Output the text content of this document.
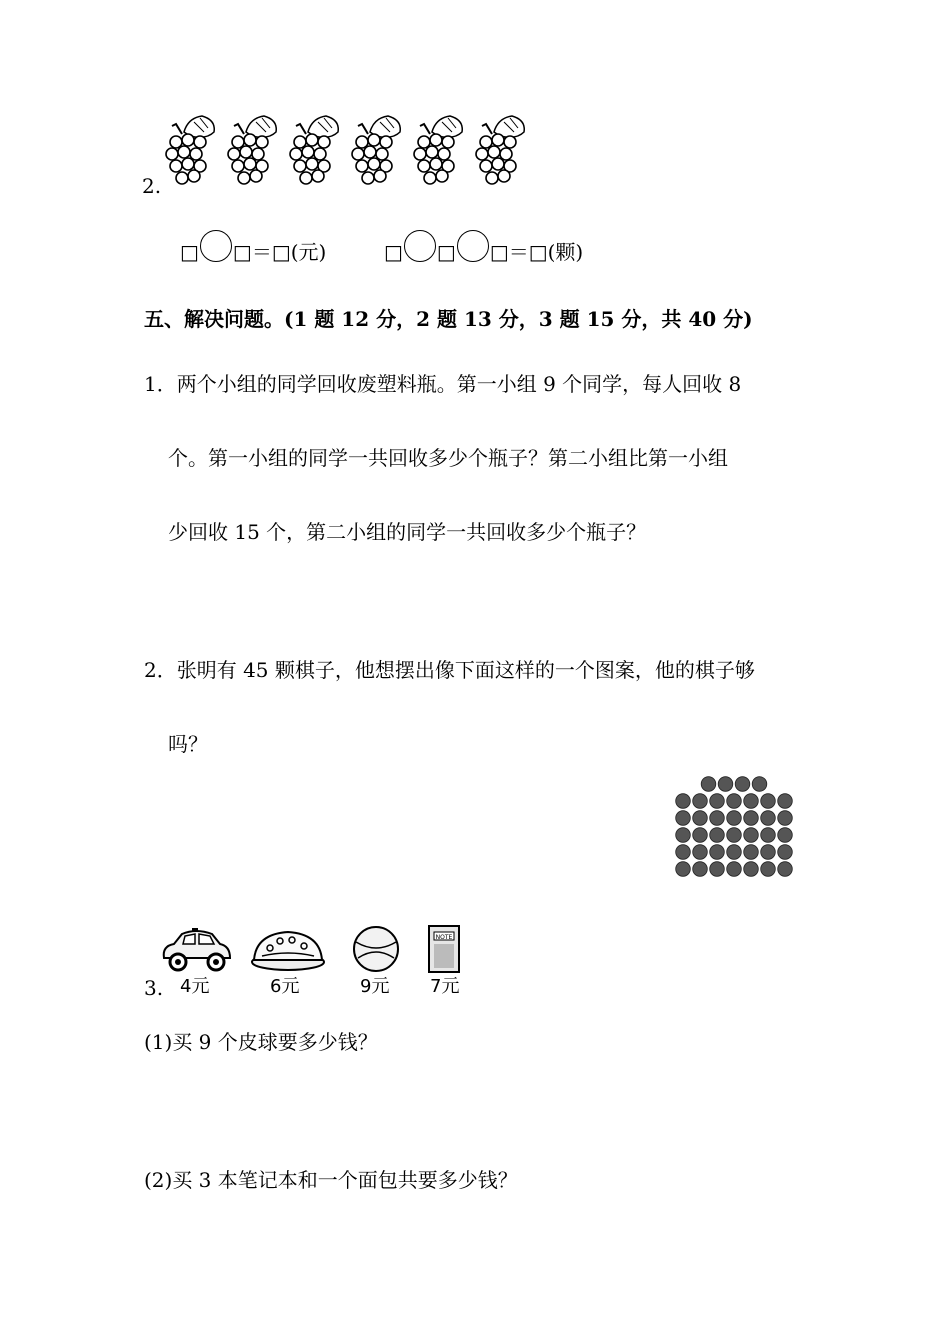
2.
□ □ ＝ □ (元)	□ □ □ ＝ □ (颗)
五、解决问题。(1 题 12 分，2 题 13 分，3 题 15 分，共 40 分)
1．两个小组的同学回收废塑料瓶。第一小组 9 个同学，每人回收 8
个。第一小组的同学一共回收多少个瓶子？第二小组比第一小组
少回收 15 个，第二小组的同学一共回收多少个瓶子？
2．张明有 45 颗棋子，他想摆出像下面这样的一个图案，他的棋子够
吗？
3.
NOTE
4元	6元	9元 7元
(1)买 9 个皮球要多少钱？
(2)买 3 本笔记本和一个面包共要多少钱？
